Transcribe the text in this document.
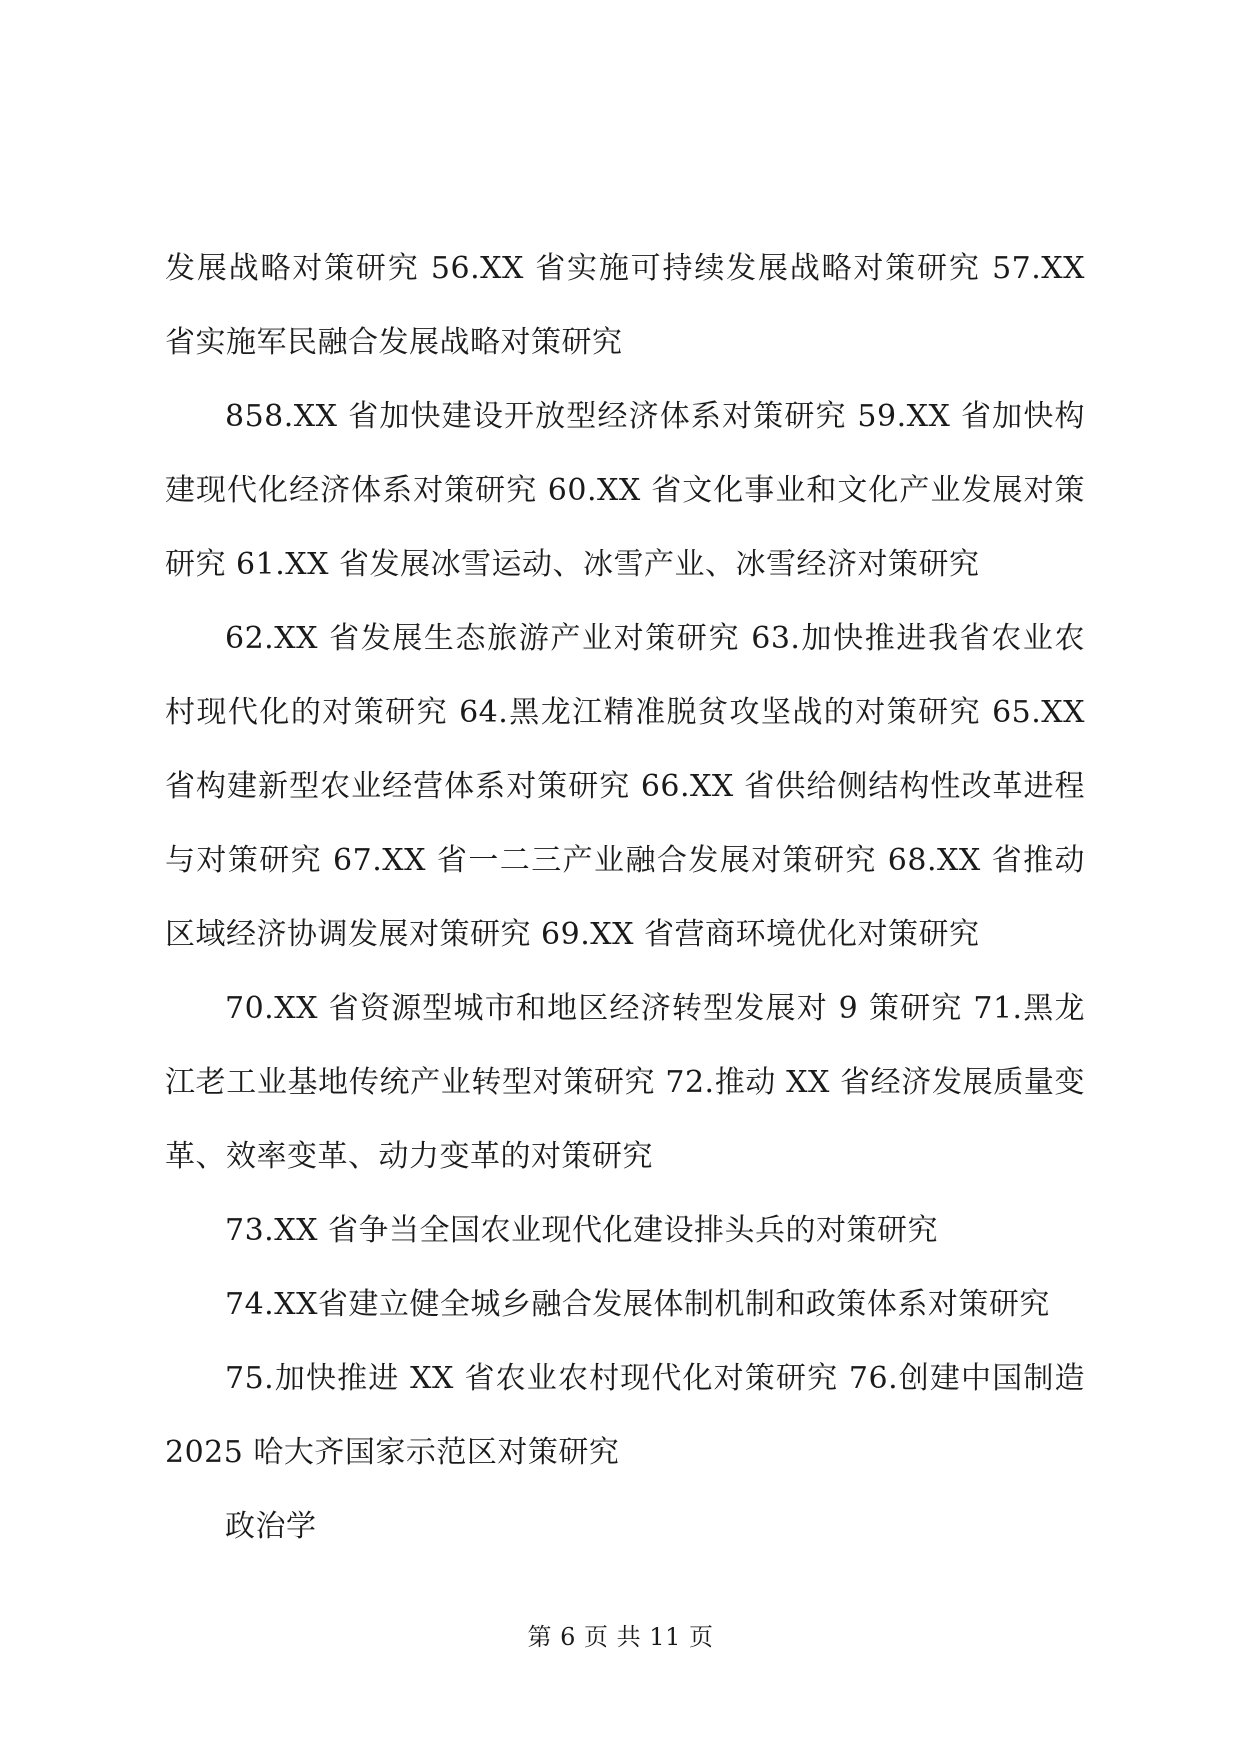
发展战略对策研究 56.XX 省实施可持续发展战略对策研究 57.XX 省实施军民融合发展战略对策研究

858.XX 省加快建设开放型经济体系对策研究 59.XX 省加快构建现代化经济体系对策研究 60.XX 省文化事业和文化产业发展对策研究 61.XX 省发展冰雪运动、冰雪产业、冰雪经济对策研究

62.XX 省发展生态旅游产业对策研究 63.加快推进我省农业农村现代化的对策研究 64.黑龙江精准脱贫攻坚战的对策研究 65.XX 省构建新型农业经营体系对策研究 66.XX 省供给侧结构性改革进程与对策研究 67.XX 省一二三产业融合发展对策研究 68.XX 省推动区域经济协调发展对策研究 69.XX 省营商环境优化对策研究

70.XX 省资源型城市和地区经济转型发展对 9 策研究 71.黑龙江老工业基地传统产业转型对策研究 72.推动 XX 省经济发展质量变革、效率变革、动力变革的对策研究

73.XX 省争当全国农业现代化建设排头兵的对策研究

74.XX省建立健全城乡融合发展体制机制和政策体系对策研究

75.加快推进 XX 省农业农村现代化对策研究 76.创建中国制造 2025 哈大齐国家示范区对策研究

政治学

第 6 页 共 11 页
